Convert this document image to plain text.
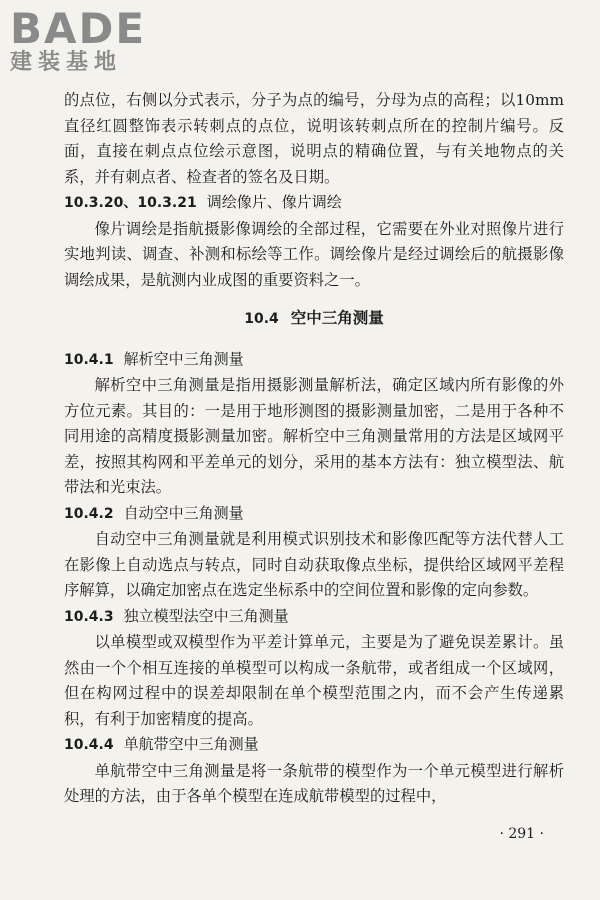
BADE
建装基地

的点位，右侧以分式表示，分子为点的编号，分母为点的高程；以10mm 直径红圆整饰表示转刺点的点位，说明该转刺点所在的控制片编号。反面，直接在刺点点位绘示意图，说明点的精确位置，与有关地物点的关系，并有刺点者、检查者的签名及日期。

10.3.20、10.3.21 调绘像片、像片调绘

像片调绘是指航摄影像调绘的全部过程，它需要在外业对照像片进行实地判读、调查、补测和标绘等工作。调绘像片是经过调绘后的航摄影像调绘成果，是航测内业成图的重要资料之一。

10.4 空中三角测量
10.4.1 解析空中三角测量

解析空中三角测量是指用摄影测量解析法，确定区域内所有影像的外方位元素。其目的：一是用于地形测图的摄影测量加密，二是用于各种不同用途的高精度摄影测量加密。解析空中三角测量常用的方法是区域网平差，按照其构网和平差单元的划分，采用的基本方法有：独立模型法、航带法和光束法。

10.4.2 自动空中三角测量

自动空中三角测量就是利用模式识别技术和影像匹配等方法代替人工在影像上自动选点与转点，同时自动获取像点坐标，提供给区域网平差程序解算，以确定加密点在选定坐标系中的空间位置和影像的定向参数。

10.4.3 独立模型法空中三角测量

以单模型或双模型作为平差计算单元，主要是为了避免误差累计。虽然由一个个相互连接的单模型可以构成一条航带，或者组成一个区域网，但在构网过程中的误差却限制在单个模型范围之内，而不会产生传递累积，有利于加密精度的提高。

10.4.4 单航带空中三角测量

单航带空中三角测量是将一条航带的模型作为一个单元模型进行解析处理的方法，由于各单个模型在连成航带模型的过程中，

· 291 ·
